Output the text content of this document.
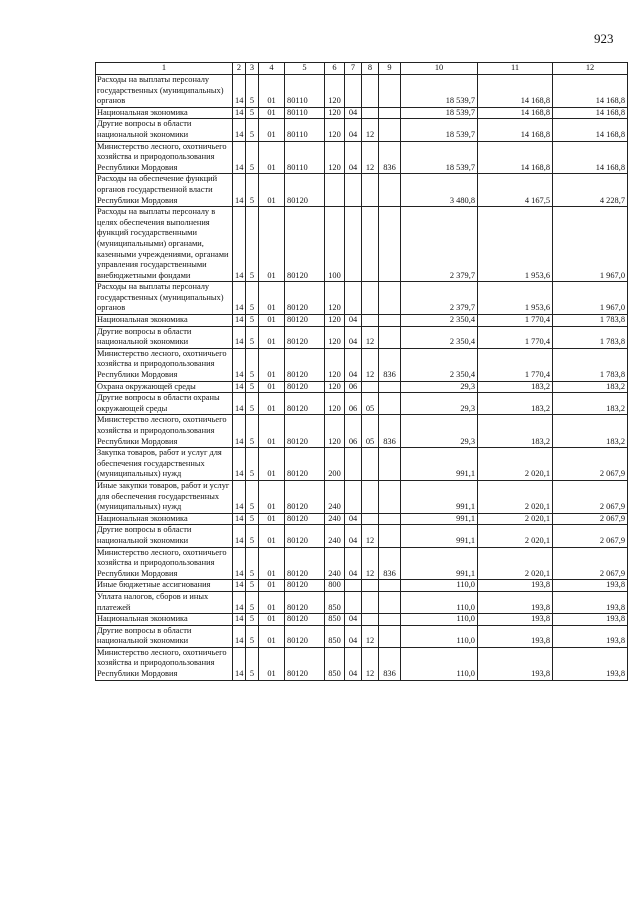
923
1	2	3	4	5	6	7	8	9	10	11	12
Расходы на выплаты персоналу государственных (муниципальных) органов	14	5	01	80110	120				18 539,7	14 168,8	14 168,8
Национальная экономика	14	5	01	80110	120	04			18 539,7	14 168,8	14 168,8
Другие вопросы в области национальной экономики	14	5	01	80110	120	04	12		18 539,7	14 168,8	14 168,8
Министерство лесного, охотничьего хозяйства и природопользования Республики Мордовия	14	5	01	80110	120	04	12	836	18 539,7	14 168,8	14 168,8
Расходы на обеспечение функций органов государственной власти Республики Мордовия	14	5	01	80120					3 480,8	4 167,5	4 228,7
Расходы на выплаты персоналу в целях обеспечения выполнения функций государственными (муниципальными) органами, казенными учреждениями, органами управления государственными внебюджетными фондами	14	5	01	80120	100				2 379,7	1 953,6	1 967,0
Расходы на выплаты персоналу государственных (муниципальных) органов	14	5	01	80120	120				2 379,7	1 953,6	1 967,0
Национальная экономика	14	5	01	80120	120	04			2 350,4	1 770,4	1 783,8
Другие вопросы в области национальной экономики	14	5	01	80120	120	04	12		2 350,4	1 770,4	1 783,8
Министерство лесного, охотничьего хозяйства и природопользования Республики Мордовия	14	5	01	80120	120	04	12	836	2 350,4	1 770,4	1 783,8
Охрана окружающей среды	14	5	01	80120	120	06			29,3	183,2	183,2
Другие вопросы в области охраны окружающей среды	14	5	01	80120	120	06	05		29,3	183,2	183,2
Министерство лесного, охотничьего хозяйства и природопользования Республики Мордовия	14	5	01	80120	120	06	05	836	29,3	183,2	183,2
Закупка товаров, работ и услуг для обеспечения государственных (муниципальных) нужд	14	5	01	80120	200				991,1	2 020,1	2 067,9
Иные закупки товаров, работ и услуг для обеспечения государственных (муниципальных) нужд	14	5	01	80120	240				991,1	2 020,1	2 067,9
Национальная экономика	14	5	01	80120	240	04			991,1	2 020,1	2 067,9
Другие вопросы в области национальной экономики	14	5	01	80120	240	04	12		991,1	2 020,1	2 067,9
Министерство лесного, охотничьего хозяйства и природопользования Республики Мордовия	14	5	01	80120	240	04	12	836	991,1	2 020,1	2 067,9
Иные бюджетные ассигнования	14	5	01	80120	800				110,0	193,8	193,8
Уплата налогов, сборов и иных платежей	14	5	01	80120	850				110,0	193,8	193,8
Национальная экономика	14	5	01	80120	850	04			110,0	193,8	193,8
Другие вопросы в области национальной экономики	14	5	01	80120	850	04	12		110,0	193,8	193,8
Министерство лесного, охотничьего хозяйства и природопользования Республики Мордовия	14	5	01	80120	850	04	12	836	110,0	193,8	193,8
